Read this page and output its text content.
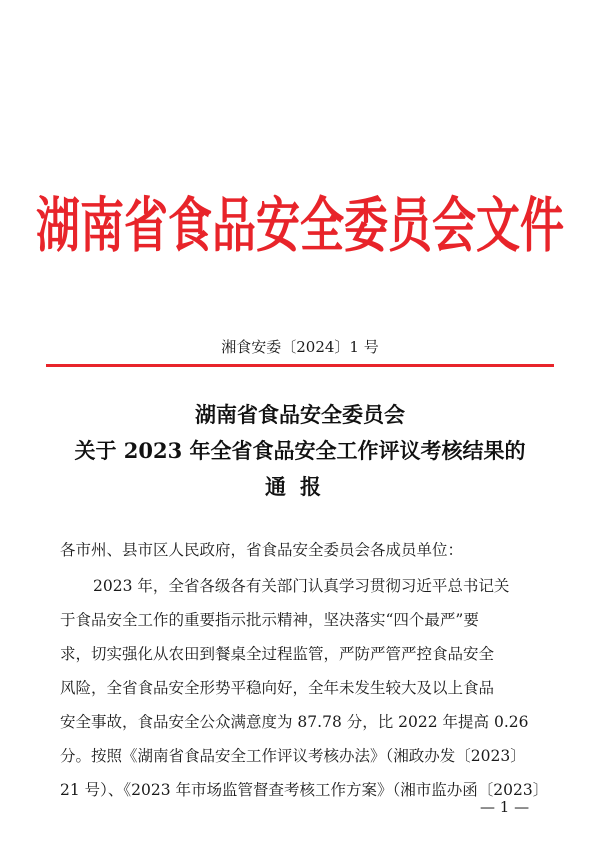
湖南省食品安全委员会文件
湘食安委〔2024〕1 号
湖南省食品安全委员会
关于 2023 年全省食品安全工作评议考核结果的
通报
各市州、县市区人民政府，省食品安全委员会各成员单位：
2023 年，全省各级各有关部门认真学习贯彻习近平总书记关
于食品安全工作的重要指示批示精神，坚决落实“四个最严”要
求，切实强化从农田到餐桌全过程监管，严防严管严控食品安全
风险，全省食品安全形势平稳向好，全年未发生较大及以上食品
安全事故，食品安全公众满意度为 87.78 分，比 2022 年提高 0.26
分。按照《湖南省食品安全工作评议考核办法》（湘政办发〔2023〕
21 号）、《2023 年市场监管督查考核工作方案》（湘市监办函〔2023〕
— 1 —
